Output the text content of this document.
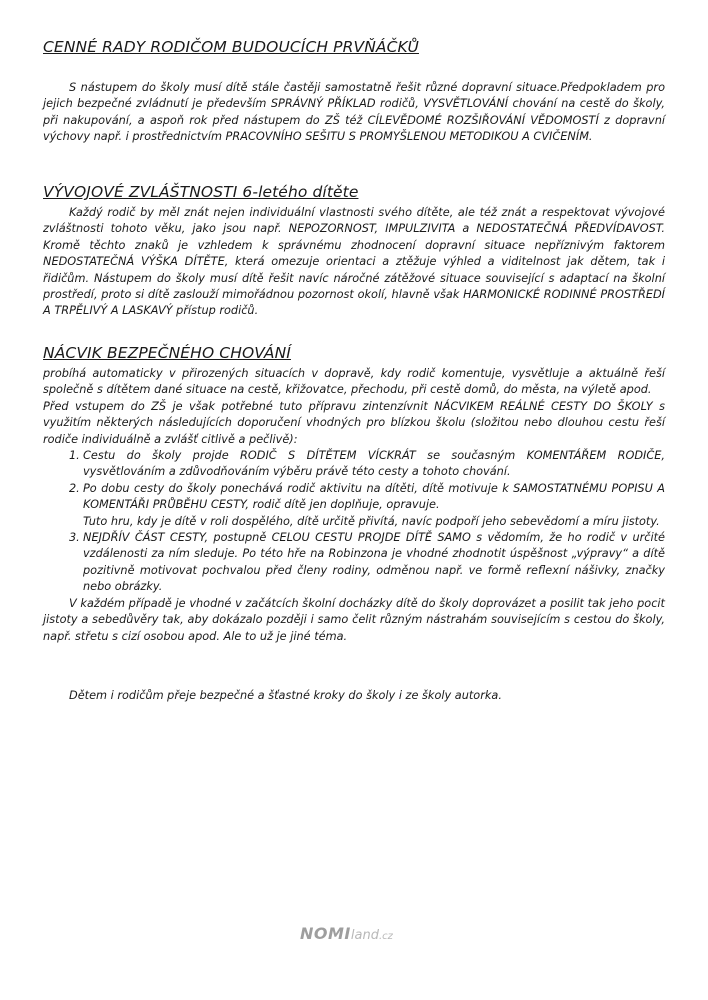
CENNÉ RADY RODIČOM BUDOUCÍCH PRVŇÁČKŮ

S nástupem do školy musí dítě stále častěji samostatně řešit různé dopravní situace.Předpokladem pro jejich bezpečné zvládnutí je především SPRÁVNÝ PŘÍKLAD rodičů, VYSVĚTLOVÁNÍ chování na cestě do školy, při nakupování, a aspoň rok před nástupem do ZŠ též CÍLEVĚDOMÉ ROZŠIŘOVÁNÍ VĚDOMOSTÍ z dopravní výchovy např. i prostřednictvím PRACOVNÍHO SEŠITU S PROMYŠLENOU METODIKOU A CVIČENÍM.

VÝVOJOVÉ ZVLÁŠTNOSTI 6-letého dítěte

Každý rodič by měl znát nejen individuální vlastnosti svého dítěte, ale též znát a respektovat vývojové zvláštnosti tohoto věku, jako jsou např. NEPOZORNOST, IMPULZIVITA a NEDOSTATEČNÁ PŘEDVÍDAVOST. Kromě těchto znaků je vzhledem k správnému zhodnocení dopravní situace nepříznivým faktorem NEDOSTATEČNÁ VÝŠKA DÍTĚTE, která omezuje orientaci a ztěžuje výhled a viditelnost jak dětem, tak i řidičům. Nástupem do školy musí dítě řešit navíc náročné zátěžové situace související s adaptací na školní prostředí, proto si dítě zaslouží mimořádnou pozornost okolí, hlavně však HARMONICKÉ RODINNÉ PROSTŘEDÍ A TRPĚLIVÝ A LASKAVÝ přístup rodičů.

NÁCVIK BEZPEČNÉHO CHOVÁNÍ

probíhá automaticky v přirozených situacích v dopravě, kdy rodič komentuje, vysvětluje a aktuálně řeší společně s dítětem dané situace na cestě, křižovatce, přechodu, při cestě domů, do města, na výletě apod.

Před vstupem do ZŠ je však potřebné tuto přípravu zintenzívnit NÁCVIKEM REÁLNÉ CESTY DO ŠKOLY s využitím některých následujících doporučení vhodných pro blízkou školu (složitou nebo dlouhou cestu řeší rodiče individuálně a zvlášť citlivě a pečlivě):

1. Cestu do školy projde RODIČ S DÍTĚTEM VÍCKRÁT se současným KOMENTÁŘEM RODIČE, vysvětlováním a zdůvodňováním výběru právě této cesty a tohoto chování.
2. Po dobu cesty do školy ponechává rodič aktivitu na dítěti, dítě motivuje k SAMOSTATNÉMU POPISU A KOMENTÁŘI PRŮBĚHU CESTY, rodič dítě jen doplňuje, opravuje.
Tuto hru, kdy je dítě v roli dospělého, dítě určitě přivítá, navíc podpoří jeho sebevědomí a míru jistoty.
3. NEJDŘÍV ČÁST CESTY, postupně CELOU CESTU PROJDE DÍTĚ SAMO s vědomím, že ho rodič v určité vzdálenosti za ním sleduje. Po této hře na Robinzona je vhodné zhodnotit úspěšnost „výpravy“ a dítě pozitivně motivovat pochvalou před členy rodiny, odměnou např. ve formě reflexní nášivky, značky nebo obrázky.

V každém případě je vhodné v začátcích školní docházky dítě do školy doprovázet a posilit tak jeho pocit jistoty a sebedůvěry tak, aby dokázalo později i samo čelit různým nástrahám souvisejícím s cestou do školy, např. střetu s cizí osobou apod. Ale to už je jiné téma.

Dětem i rodičům přeje bezpečné a šťastné kroky do školy i ze školy autorka.

NOMIland.cz
